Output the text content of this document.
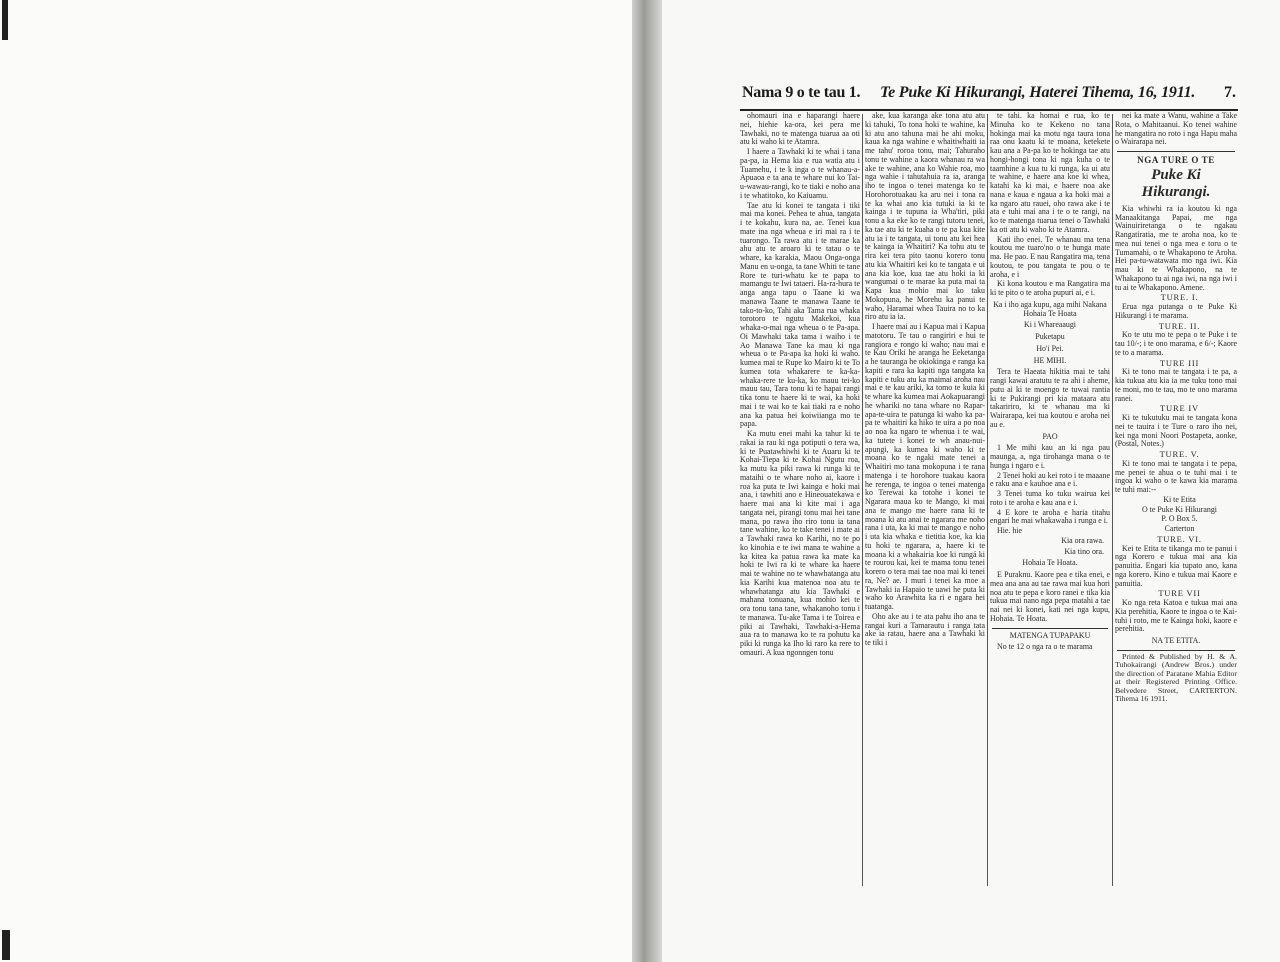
Nama 9 o te tau 1. Te Puke Ki Hikurangi, Haterei Tihema, 16, 1911. 7.

ohomauri ina e haparangi haere nei, hiehie ka-ora, kei pera me Tawhaki, no te matenga tuarua aa oti atu ki waho ki te Atamra.

I haere a Tawhaki ki te whai i tana pa-pa, ia Hema kia e rua watia atu i Tuamehu, i te k inga o te whanau-a-Apuaoa e ta ana te whare nui ko Tai-u-wawau-rangi, ko te tiaki e noho ana i te whatitoko, ko Kaiuamu.

Tae atu ki konei te tangata i tiki mai ma konei. Pehea te ahua, tangata i te kokahu, kura na, ae. Tenei kua mate ina nga wheua e iri mai ra i te tuarongo. Ta rawa atu i te marae ka ahu atu te aroaro ki te tatau o te whare, ka karakia, Maou Onga-onga Manu en u-onga, ta tane Whiti te tane Rore te turi-whatu ke te papa to mamangu te Iwi tataeri. Ha-ra-hura te anga anga tapu o Taane ki wa manawa Taane te manawa Taane te tako-to-ko, Tahi aka Tama rua whaka torotoro te ngutu Makekoi, kua whaka-o-mai nga wheua o te Pa-apa. Oi Mawhaki taka tama i waiho i te Ao Manawa Tane ka mau ki nga wheua o te Pa-apa ka hoki ki waho. kumea mai te Rupe ko Mairo ki te To kumea tota whakarere te ka-ka-whaka-rere te ku-ka, ko mauu tei-ko mauu tau, Tara tonu ki te hapai rangi tika tonu te haere ki te wai, ka hoki mai i te wai ko te kai tiaki ra e noho ana ka patua hei koiwiianga mo te papa.

Ka mutu enei mahi ka tahur ki te rakai ia rau ki nga potiputi o tera wa, ki te Puatawhiwhi ki te Auaru ki te Kohai-Tiepa ki te Kohai Ngutu roa, ka mutu ka piki rawa ki runga ki te mataihi o te whare noho ai, kaore i roa ka puta te Iwi kainga e hoki mai ana, i tawhiti ano e Hineouatekawa e haere mai ana ki kite mai i aga tangata nei, pirangi tonu mai hei tane mana, po rawa iho riro tonu ia tana tane wahine, ko te take tenei i mate ai a Tawhaki rawa ko Karihi, no te po ko kinohia e te iwi mana te wahine a ka kitea ka patua rawa ka mate ka hoki te Iwi ra ki te whare ka haere mai te wahine no te whawhatanga atu kia Karihi kua matenoa noa atu te whawhatanga atu kia Tawhaki e mahana tonuana, kua mohio kei te ora tonu tana tane, whakanoho tonu i te manawa. Tu-ake Tama i te Toirea e piki ai Tawhaki, Tawhaki-a-Hema aua ra to manawa ko te ra pohutu ka piki ki runga ka Iho ki raro ka rere to omauri. A kua ngonngen tonu

ake, kua karanga ake tona atu atu ki tahuki, To tona hoki te wahine, ka ki atu ano tahuna mai he ahi moku, kaua ka nga wahine e whaitiwhaiti ia me tahu' roroa tonu, mai; Tahuraho tonu te wahine a kaora whanau ra wa ake te wahine, ana ko Wahie roa, mo nga wahie i tahutahuia ra ia, aranga iho te ingoa o tenei matenga ko te Horohorotuakau ka aru nei i tona ra te ka whai ano kia tutuki ia ki te kainga i te tupuna ia Wha'tiri, piki tonu a ka eke ko te rangi tutoru tenei, ka tae atu ki te kuaha o te pa kua kite atu ia i te tangata, ui tonu atu kei hea te kainga ia Whaitiri? Ka tohu atu te rira kei tera pito taonu korero tonu atu kia Whaitiri kei ko te tangata e ui ana kia koe, kua tae atu hoki ia ki wangumai o te marae ka puta mai ta Kapa kua mohio mai ko taku Mokopuna, he Morehu ka panui te waho, Haramai whea Tauira no to ka riro atu ia ia.

I haere mai au i Kapua mai i Kapua matotoru. Te tau o rangiriri e hui te rangiora e rongo ki waho; nau mai e te Kau Oriki he aranga he Eeketanga a he taurangа he okiokinga e ranga ka kapiti e rara ka kapiti nga tangata ka kapiti e tuku atu ka maimai aroha nau mai e te kau ariki, ka tomo te kuia ki te whare ka kumea mai Aokapuarangi he whariki no tana whare no Rapar-apa-te-uira te patunga ki waho ka pa-pa te whaitiri ka hiko te uira a po noa ao noa ka ngaro te whenua i te wai, ka tutete i konei te wh anau-nui-apungi, ka kumea ki waho ki te moana ko te ngaki mate tenei a Whaitiri mo tana mokopuna i te rana matenga i te horohore tuakau kaora he rerenga, te ingoa o tenei matenga ko Terewai ka totohe i konei te Ngarara maua ko te Mango, ki mai ana te mango me haere rana ki te moana ki atu anai te ngarara me noho rana i uta, ka ki mai te mango e noho i uta kia whaka e tietitia koe, ka kia tu hoki te ngarara, a, haere ki te moana ki a whakairia koe ki rungá ki te rourou kai, kei te mama tonu tenei korero o tera mai tae noa mai ki tenei ra, Ne? ae. I muri i tenei ka moe a Tawhaki ia Hapaio te uawi he puta ki waho ko Arawhita ka ri e ngara hei tuatanga.

Oho ake au i te ata pahu iho ana te rangai kuri a Tamarautu i ranga tata ake ia ratau, haere ana a Tawhaki ki te tiki i

te tahi. ka homai e rua, ko te Minuha ko te Kekeno no tana hokinga mai ka motu nga taura tona raa onu kaatu ki te moana, ketekete kau ana a Pa-pa ko te hokinga tae atu hongi-hongi tona ki nga kuha o te taamhine a kua tu ki runga, ka ui atu te wahine, e haere ana koe ki whea, katahi ka ki mai, e haere noa ake nana e kaua e ngaua a ka hoki mai a ka ngaro atu rauei, oho rawa ake i te ata e tuhi mai ana i te o te rangi, na ko te matenga tuarua tenei o Tawhaki ka oti atu ki waho ki te Atamra.

Kati iho enei. Te whanau ma tena koutou me tuaro'no o te hunga mate ma. He pao. E nau Rangatira ma, tena koutou, te pou tangata te pou o te aroha, e i

Ki kona koutou e ma Rangatira ma ki te pito o te aroha pupuri ai, e i.

Ka i iho aga kupu, aga mihi Nakana Hohaia Te Hoata

Ki i Whareaaugi

Puketapu

Ho'i Pei.

HE MIHI.

Tera te Haeata hikitia mai te tahi rangi kawai aratutu te ra ahi i aheme, putu ai ki te moengo te tuwai rantia ki te Pukirangi pri kia mataara atu takaririro, ki te whanau ma ki Wairarapa, kei tua koutou e aroha nei au e.

PAO

1 Me mihi kau an ki nga pau maunga, a, nga tirohanga mana o te hunga i ngaro e i.

2 Tenei hoki au kei roto i te maaane e raku ana e kauhoe ana e i.

3 Tenei tuma ko tuku wairua kei roto i te aroha e kau ana e i.

4 E kore te aroha e haria titahu engari he mai whakawaha i runga e i.

Hie. hie

Kia ora rawa.

Kia tino ora.

Hohaia Te Hoata.

E Puraknu. Kaore pea e tika enei, e mea ana ana au tae rawa mai kua hori noa atu te pepa e koro ranei e tika kia tukua mai nano nga pepa matahi a tae nai nei ki konei, kati nei nga kupu, Hohaia. Te Hoata.

MATENGA TUPAPAKU

No te 12 o nga ra o te marama

nei ka mate a Wanu, wahine a Take Rota, o Mahitaanui. Ko tenei wahine he mangatira no roto i nga Hapu maha o Wairarapa nei.

NGA TURE O TE
Puke Ki Hikurangi.

Kia whiwhi ra ia koutou ki nga Manaakitanga Papai, me nga Wainuiriretanga o te ngakau Rangatiratia, me te aroha noa, ko te mea nui tenei o nga mea e toru o te Tumamahi, o te Whakapono te Aroha. Hei pa-tu-watawata mo nga iwi. Kia mau ki te Whakapono, na te Whakapono tu ai nga iwi, na nga iwi i tu ai te Whakapono. Amene.

TURE. I.

Erua nga putanga o te Puke Ki Hikurangi i te marama.

TURE. II.

Ko te utu mo te pepa o te Puke i te tau 10/-; i te ono marama, e 6/-; Kaore te to a marama.

TURE III

Ki te tono mai te tangata i te pa, a kia tukua atu kia ia me tuku tono mai te moni, mo te tau, mo te ono marama ranei.

TURE IV

Ki te tukutuku mai te tangata kona nei te tauira i te Ture o raro iho nei, kei nga moni Noori Postapeta, aonke, (Postal, Notes.)

TURE. V.

Ki te tono mai te tangata i te pepa, me penei te ahua o te tuhi mai i te ingoa ki waho o te kawa kia marama te tuhi mai:--

Ki te Etita

O te Puke Ki Hikurangi

P. O Box 5.

Carterton

TURE. VI.

Kei te Etita te tikanga mo te panui i nga Korero e tukua mai ana kia panuitia. Engari kia tupato ano, kana nga korero. Kino e tukua mai Kaore e panuitia.

TURE VII

Ko nga reta Katoa e tukua mai ana Kia perehitia, Kaore te ingoa o te Kai-tuhi i roto, me te Kainga hoki, kaore e perehitia.

NA TE ETITA.

Printed & Published by H. & A. Tuhokairangi (Andrew Bros.) under the direction of Paratane Mahia Editor at their Registered Printing Office. Belvedere Street, CARTERTON. Tihema 16 1911.
